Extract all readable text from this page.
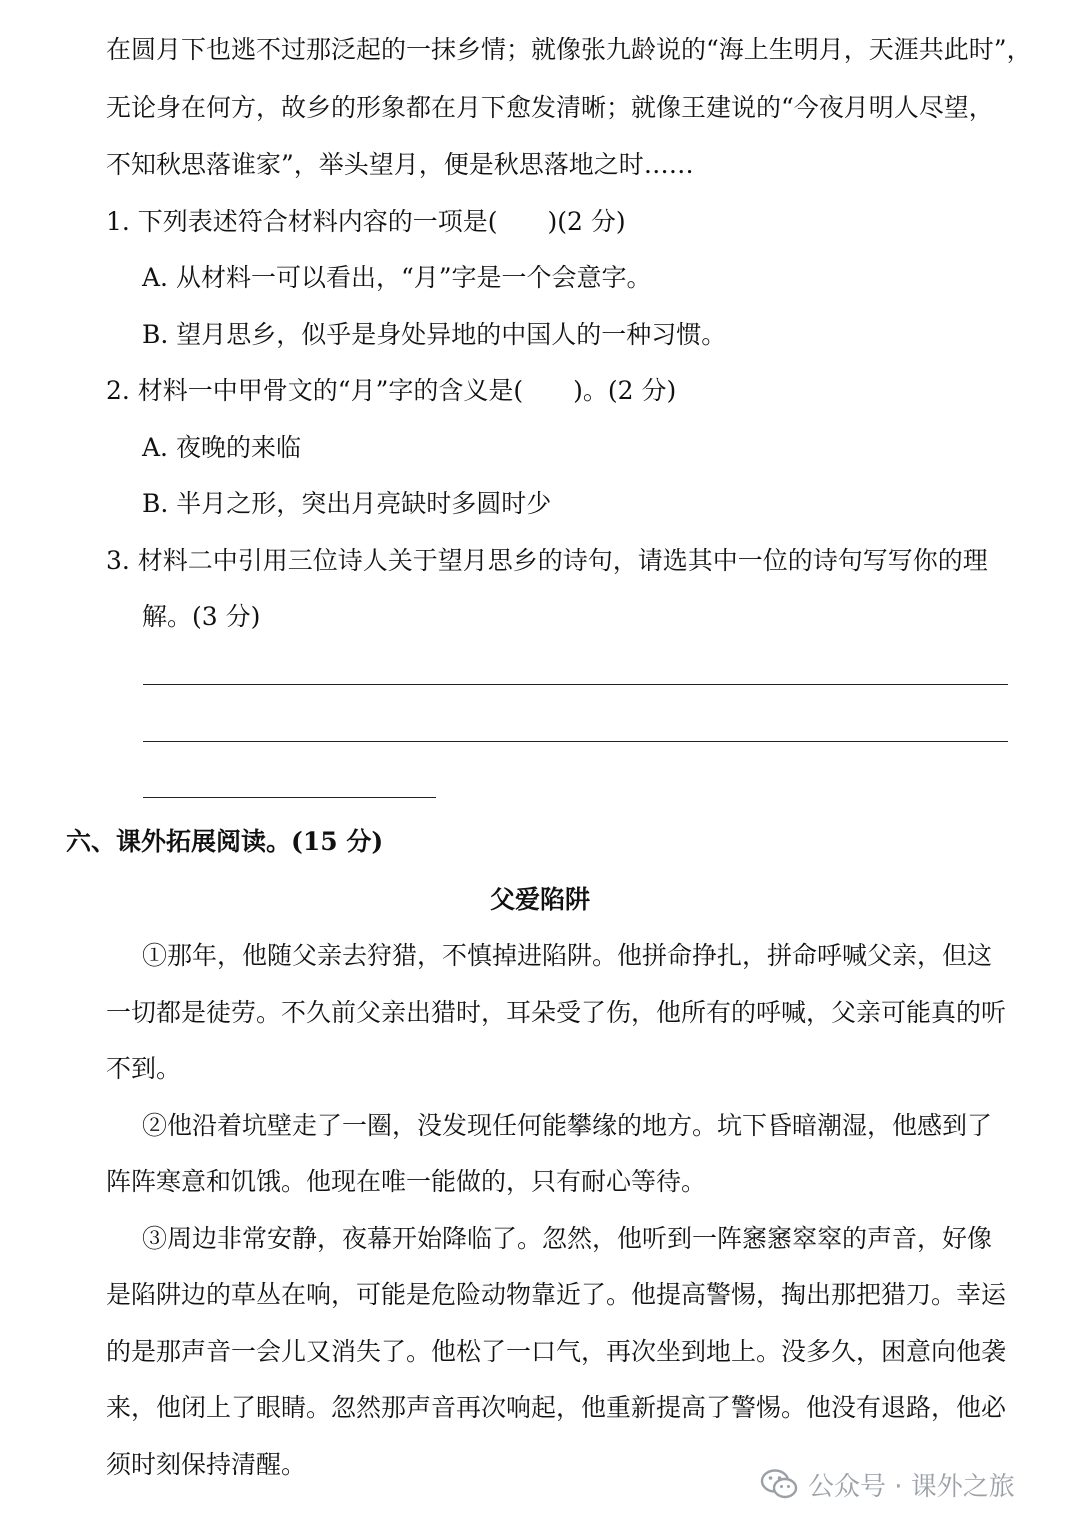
在圆月下也逃不过那泛起的一抹乡情；就像张九龄说的“海上生明月，天涯共此时”，
无论身在何方，故乡的形象都在月下愈发清晰；就像王建说的“今夜月明人尽望，
不知秋思落谁家”，举头望月，便是秋思落地之时……
1. 下列表述符合材料内容的一项是(　　)(2 分)
A. 从材料一可以看出，“月”字是一个会意字。
B. 望月思乡，似乎是身处异地的中国人的一种习惯。
2. 材料一中甲骨文的“月”字的含义是(　　)。(2 分)
A. 夜晚的来临
B. 半月之形，突出月亮缺时多圆时少
3. 材料二中引用三位诗人关于望月思乡的诗句，请选其中一位的诗句写写你的理
解。(3 分)
六、课外拓展阅读。(15 分)
父爱陷阱
①那年，他随父亲去狩猎，不慎掉进陷阱。他拼命挣扎，拼命呼喊父亲，但这
一切都是徒劳。不久前父亲出猎时，耳朵受了伤，他所有的呼喊，父亲可能真的听
不到。
②他沿着坑壁走了一圈，没发现任何能攀缘的地方。坑下昏暗潮湿，他感到了
阵阵寒意和饥饿。他现在唯一能做的，只有耐心等待。
③周边非常安静，夜幕开始降临了。忽然，他听到一阵窸窸窣窣的声音，好像
是陷阱边的草丛在响，可能是危险动物靠近了。他提高警惕，掏出那把猎刀。幸运
的是那声音一会儿又消失了。他松了一口气，再次坐到地上。没多久，困意向他袭
来，他闭上了眼睛。忽然那声音再次响起，他重新提高了警惕。他没有退路，他必
须时刻保持清醒。
公众号 · 课外之旅
